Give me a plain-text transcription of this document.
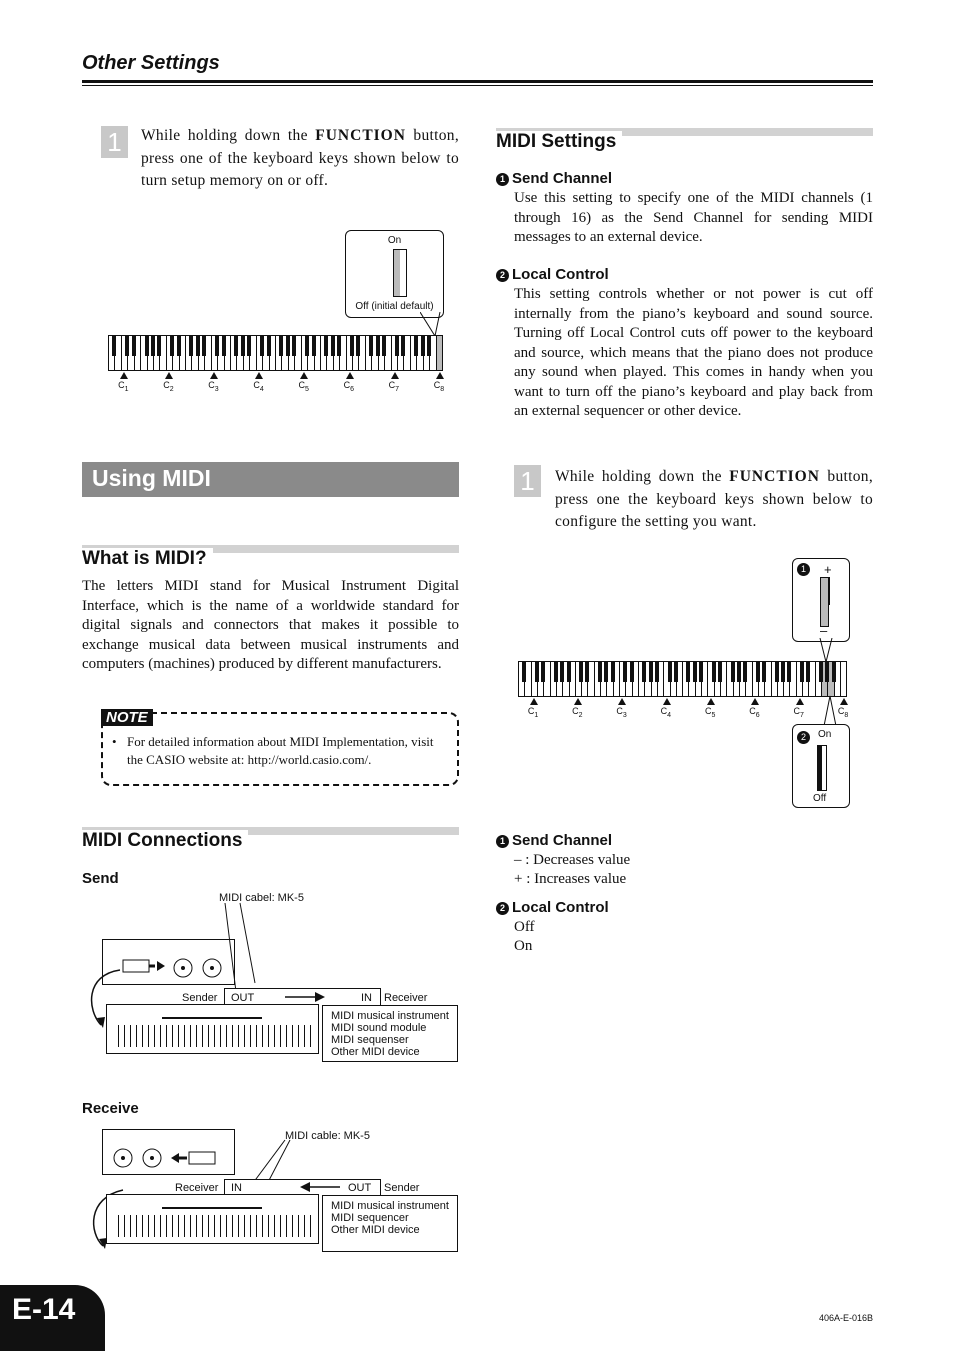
Other Settings
1	While holding down the FUNCTION button, press one of the keyboard keys shown below to turn setup memory on or off.
On
Off (initial default)
$C_1$	$C_2$	$C_3$	$C_4$	$C_5$	$C_6$	$C_7$	$C_8$
Using MIDI
What is MIDI?
The letters MIDI stand for Musical Instrument Digital Interface, which is the name of a worldwide standard for digital signals and connectors that makes it possible to exchange musical data between musical instruments and computers (machines) produced by different manufacturers.
NOTE
• For detailed information about MIDI Implementation, visit the CASIO website at: http://world.casio.com/.
MIDI Connections
Send
MIDI cabel: MK-5
Sender OUT	IN Receiver
MIDI musical instrument
MIDI sound module
MIDI sequenser
Other MIDI device
Receive
MIDI cable: MK-5
Receiver IN	OUT Sender
MIDI musical instrument
MIDI sequencer
Other MIDI device
MIDI Settings
1 Send Channel
Use this setting to specify one of the MIDI channels (1 through 16) as the Send Channel for sending MIDI messages to an external device.
2 Local Control
This setting controls whether or not power is cut off internally from the piano’s keyboard and sound source. Turning off Local Control cuts off power to the keyboard and source, which means that the piano does not produce any sound when played. This comes in handy when you want to turn off the piano’s keyboard and play back from an external sequencer or other device.
1	While holding down the FUNCTION button, press one the keyboard keys shown below to configure the setting you want.
1	+
–
$C_1$	$C_2$	$C_3$	$C_4$	$C_5$	$C_6$	$C_7$	$C_8$
2	On
Off
1 Send Channel
– : Decreases value
+ : Increases value
2 Local Control
Off
On
E-14	406A-E-016B
